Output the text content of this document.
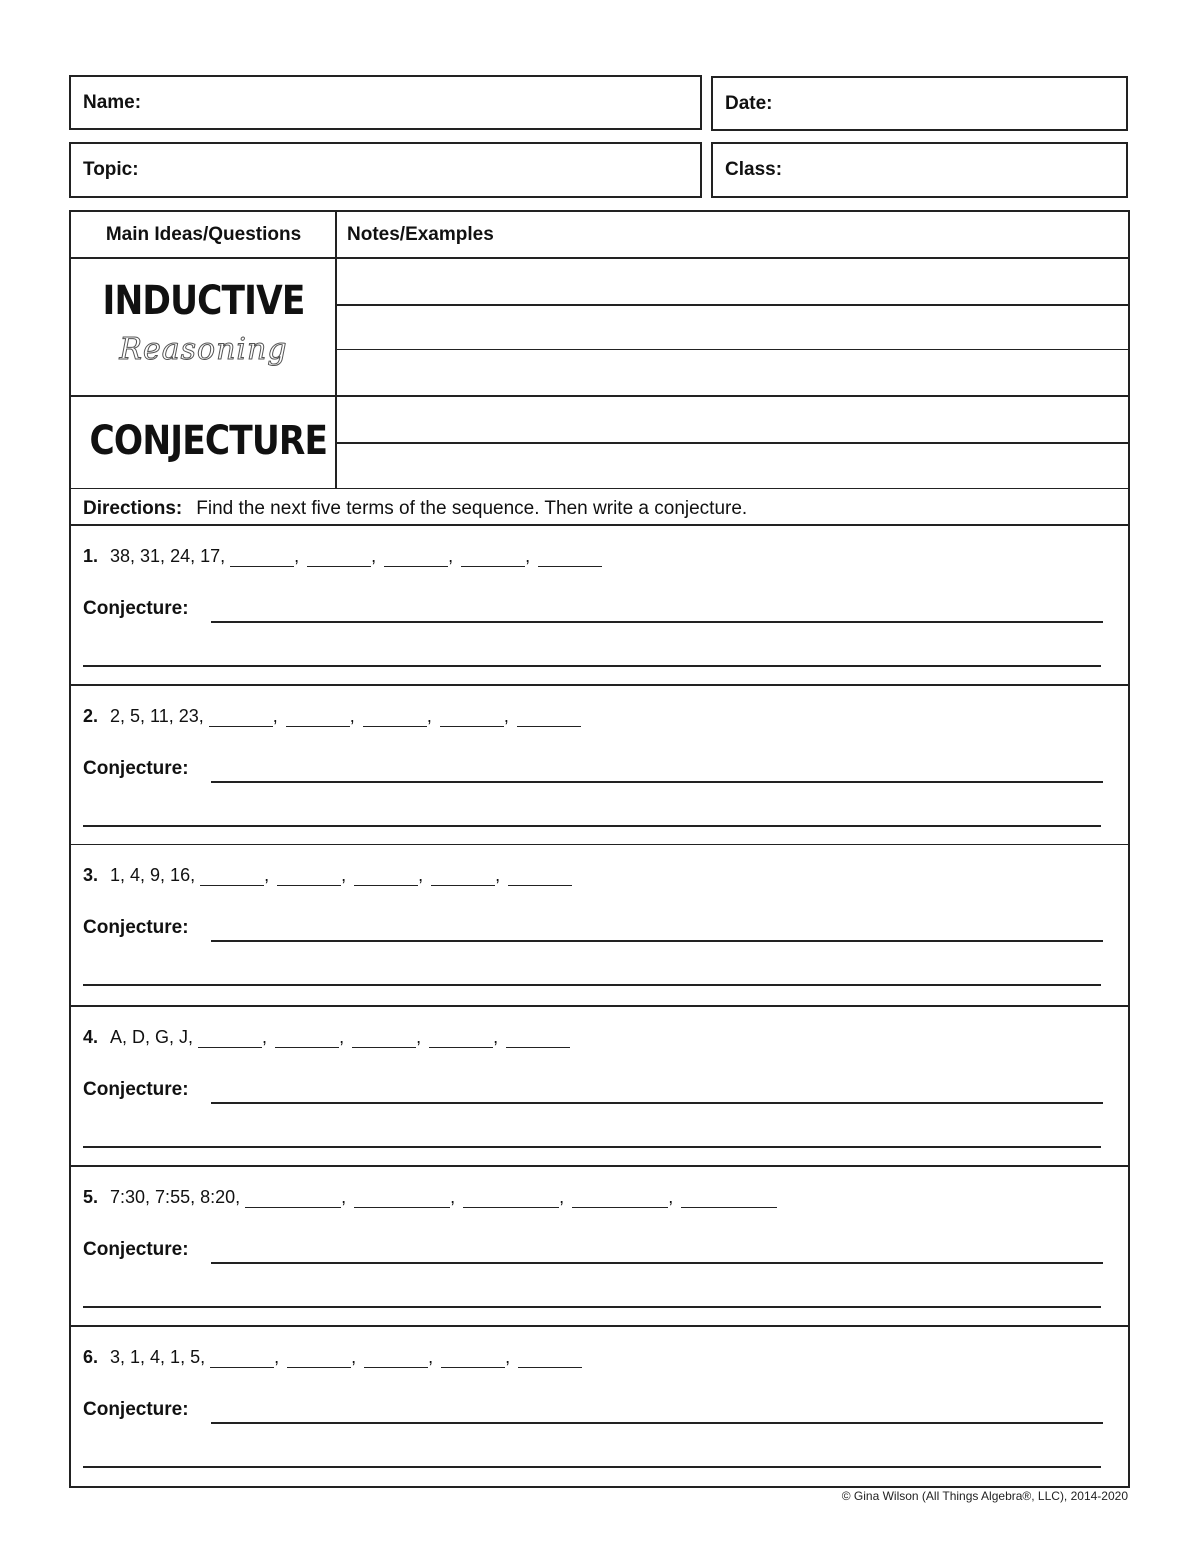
Name:	Date:
Topic:	Class:
Main Ideas/Questions	Notes/Examples
INDUCTIVE
Reasoning
CONJECTURE
Directions: Find the next five terms of the sequence. Then write a conjecture.
1. 38, 31, 24, 17,
	,	,	,	,
Conjecture:
2. 2, 5, 11, 23,
	,	,	,	,
Conjecture:
3. 1, 4, 9, 16,
	,	,	,	,
Conjecture:
4. A, D, G, J,
	,	,	,	,
Conjecture:
5. 7:30, 7:55, 8:20,
	,	,	,	,
Conjecture:
6. 3, 1, 4, 1, 5,
	,	,	,	,
Conjecture:
© Gina Wilson (All Things Algebra®, LLC), 2014-2020
